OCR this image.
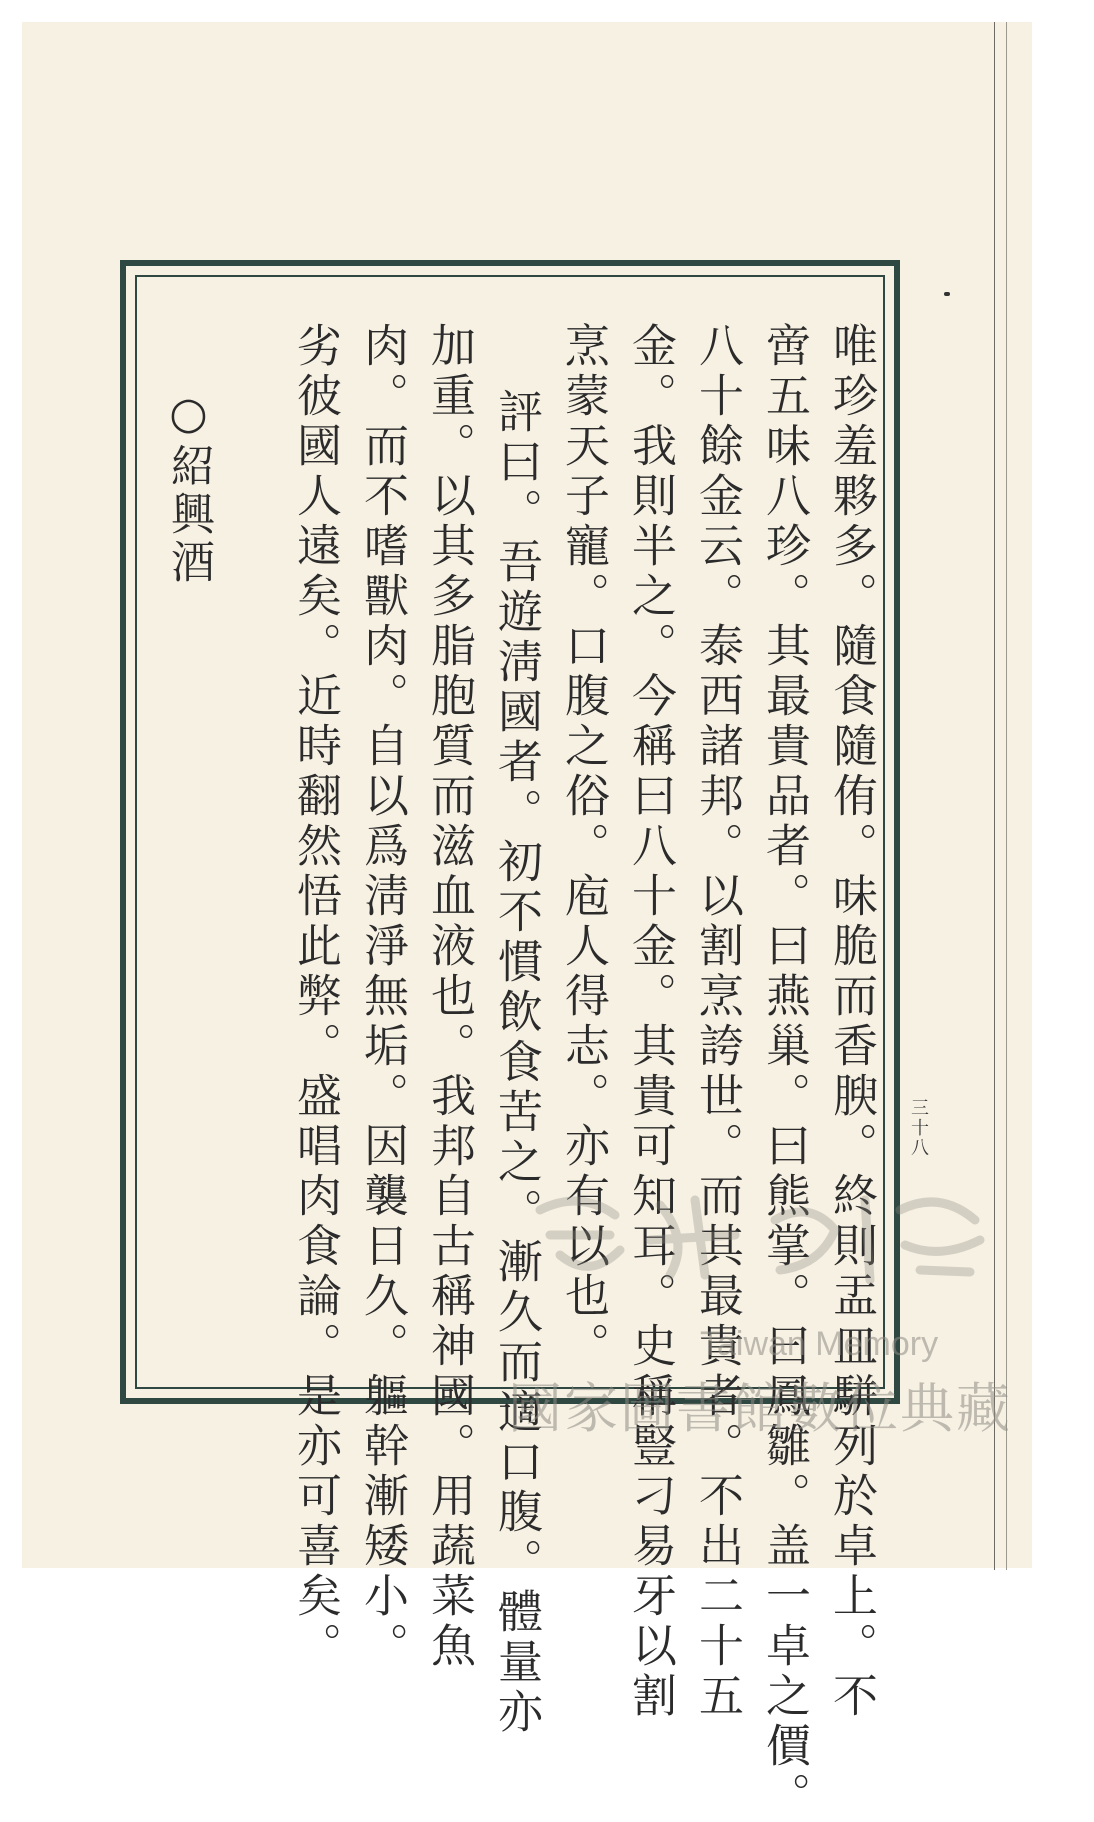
唯珍羞夥多。隨食隨侑。味脆而香腴。終則盂皿駢列於卓上。不
啻五味八珍。其最貴品者。曰燕巢。曰熊掌。曰鳳雛。盖一卓之價。
八十餘金云。泰西諸邦。以割烹誇世。而其最貴者。不出二十五
金。我則半之。今稱曰八十金。其貴可知耳。史稱豎刁易牙以割
烹蒙天子寵。口腹之俗。庖人得志。亦有以也。
評曰。吾遊淸國者。初不慣飲食苦之。漸久而適口腹。體量亦
加重。以其多脂胞質而滋血液也。我邦自古稱神國。用蔬菜魚
肉。而不嗜獸肉。自以爲淸淨無垢。因襲日久。軀幹漸矮小。
劣彼國人遠矣。近時翻然悟此弊。盛唱肉食論。是亦可喜矣。
○紹興酒
三十八
Taiwan Memory
國家圖書館數位典藏
